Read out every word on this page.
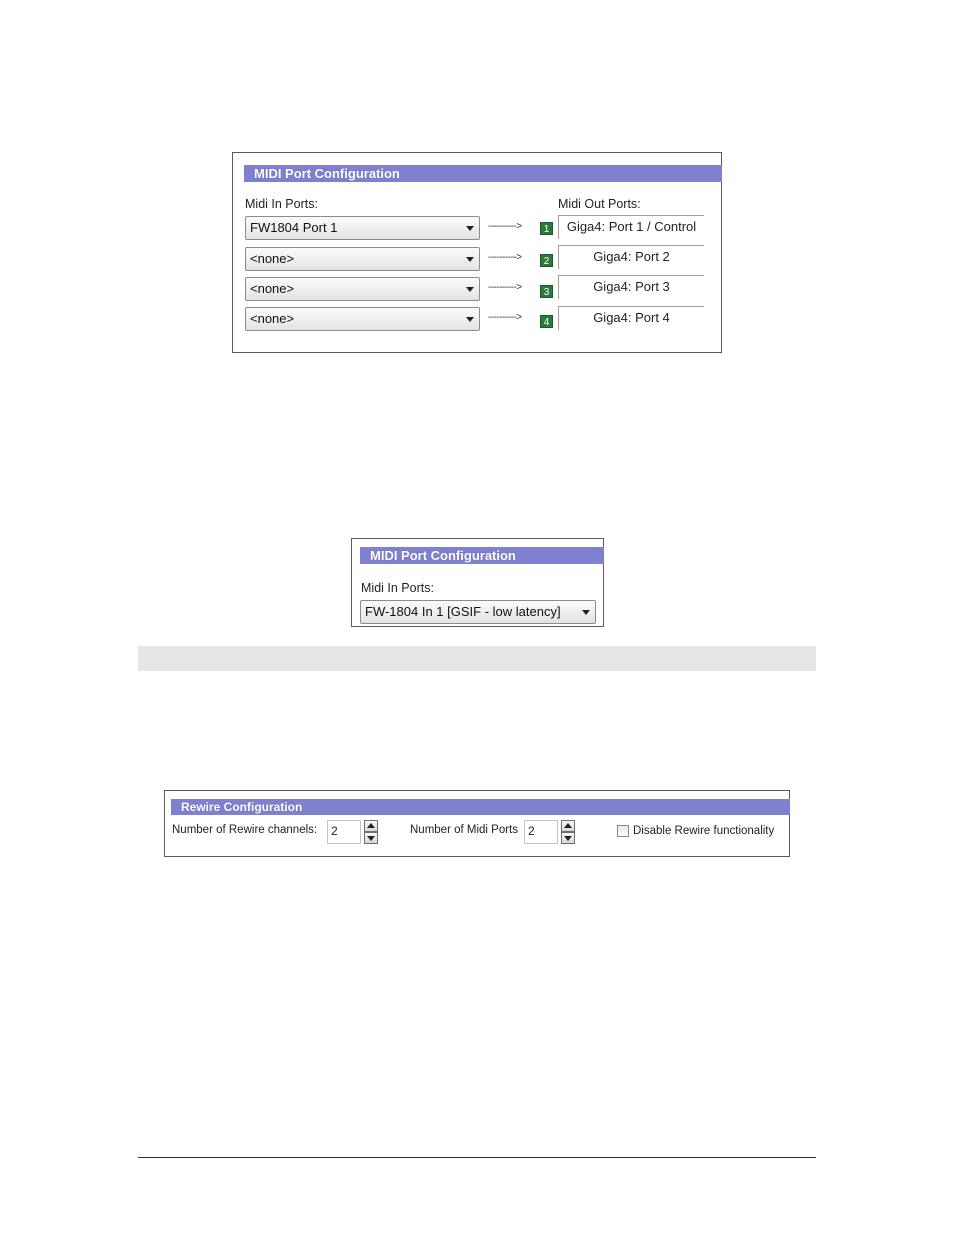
MIDI Port Configuration
Midi In Ports:	Midi Out Ports:
FW1804 Port 1	---------->	1	Giga4: Port 1 / Control
<none>	---------->	2	Giga4: Port 2
<none>	---------->	3	Giga4: Port 3
<none>	---------->	4	Giga4: Port 4
MIDI Port Configuration
Midi In Ports:
FW-1804 In 1 [GSIF - low latency]
Rewire Configuration
Number of Rewire channels:	2	Number of Midi Ports 2	Disable Rewire functionality
